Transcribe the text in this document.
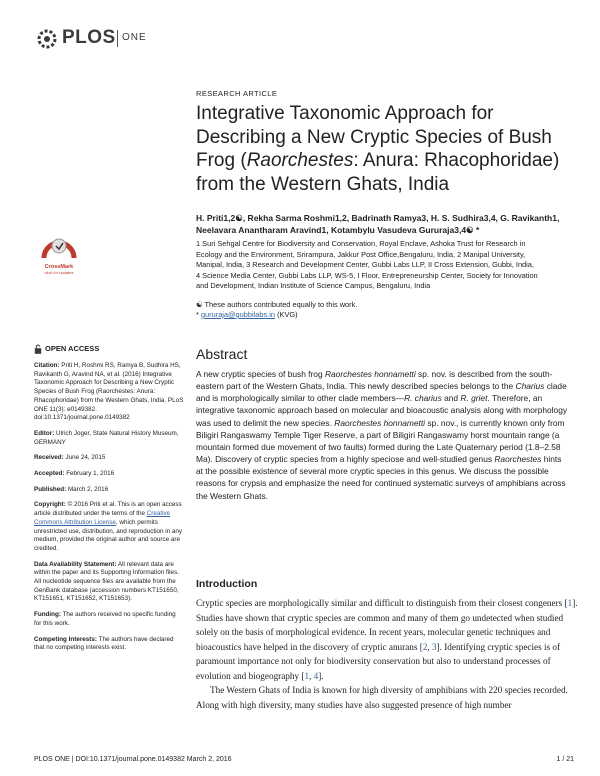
PLOS ONE
CrossMark
click for updates
RESEARCH ARTICLE
Integrative Taxonomic Approach for
Describing a New Cryptic Species of Bush
Frog (Raorchestes: Anura: Rhacophoridae)
from the Western Ghats, India
H. Priti1,2☯, Rekha Sarma Roshmi1,2, Badrinath Ramya3, H. S. Sudhira3,4, G. Ravikanth1,
Neelavara Anantharam Aravind1, Kotambylu Vasudeva Gururaja3,4☯ *
1 Suri Sehgal Centre for Biodiversity and Conservation, Royal Enclave, Ashoka Trust for Research in
Ecology and the Environment, Srirampura, Jakkur Post Office,Bengaluru, India, 2 Manipal University,
Manipal, India, 3 Research and Development Center, Gubbi Labs LLP, II Cross Extension, Gubbi, India,
4 Science Media Center, Gubbi Labs LLP, WS-5, I Floor, Entrepreneurship Center, Society for Innovation
and Development, Indian Institute of Science Campus, Bengaluru, India
☯ These authors contributed equally to this work.
* gururaja@gubbilabs.in (KVG)
OPEN ACCESS
Citation: Priti H, Roshmi RS, Ramya B, Sudhira HS, Ravikanth G, Aravind NA, et al. (2016) Integrative Taxonomic Approach for Describing a New Cryptic Species of Bush Frog (Raorchestes: Anura: Rhacophoridae) from the Western Ghats, India. PLoS ONE 11(3): e0149382. doi:10.1371/journal.pone.0149382
Editor: Ulrich Joger, State Natural History Museum, GERMANY
Received: June 24, 2015
Accepted: February 1, 2016
Published: March 2, 2016
Copyright: © 2016 Priti et al. This is an open access article distributed under the terms of the Creative Commons Attribution License, which permits unrestricted use, distribution, and reproduction in any medium, provided the original author and source are credited.
Data Availability Statement: All relevant data are within the paper and its Supporting Information files. All nucleotide sequence files are available from the GenBank database (accession numbers KT151650, KT151651, KT151652, KT151653).
Funding: The authors received no specific funding for this work.
Competing Interests: The authors have declared that no competing interests exist.
Abstract
A new cryptic species of bush frog Raorchestes honnametti sp. nov. is described from the south-eastern part of the Western Ghats, India. This newly described species belongs to the Charius clade and is morphologically similar to other clade members—R. charius and R. griet. Therefore, an integrative taxonomic approach based on molecular and bioacoustic analysis along with morphology was used to delimit the new species. Raorchestes honnametti sp. nov., is currently known only from Biligiri Rangaswamy Temple Tiger Reserve, a part of Biligiri Rangaswamy horst mountain range (a mountain formed due movement of two faults) formed during the Late Quaternary period (1.8–2.58 Ma). Discovery of cryptic species from a highly speciose and well-studied genus Raorchestes hints at the possible existence of several more cryptic species in this genus. We discuss the possible reasons for crypsis and emphasize the need for continued systematic surveys of amphibians across the Western Ghats.
Introduction

Cryptic species are morphologically similar and difficult to distinguish from their closest congeners [1]. Studies have shown that cryptic species are common and many of them go undetected when studied solely on the basis of morphological evidence. In recent years, molecular genetic techniques and bioacoustics have helped in the discovery of cryptic anurans [2, 3]. Identifying cryptic species is of paramount importance not only for biodiversity conservation but also to understand processes of evolution and biogeography [1, 4].

The Western Ghats of India is known for high diversity of amphibians with 220 species recorded. Along with high diversity, many studies have also suggested presence of high number

PLOS ONE | DOI:10.1371/journal.pone.0149382 March 2, 2016	1 / 21
